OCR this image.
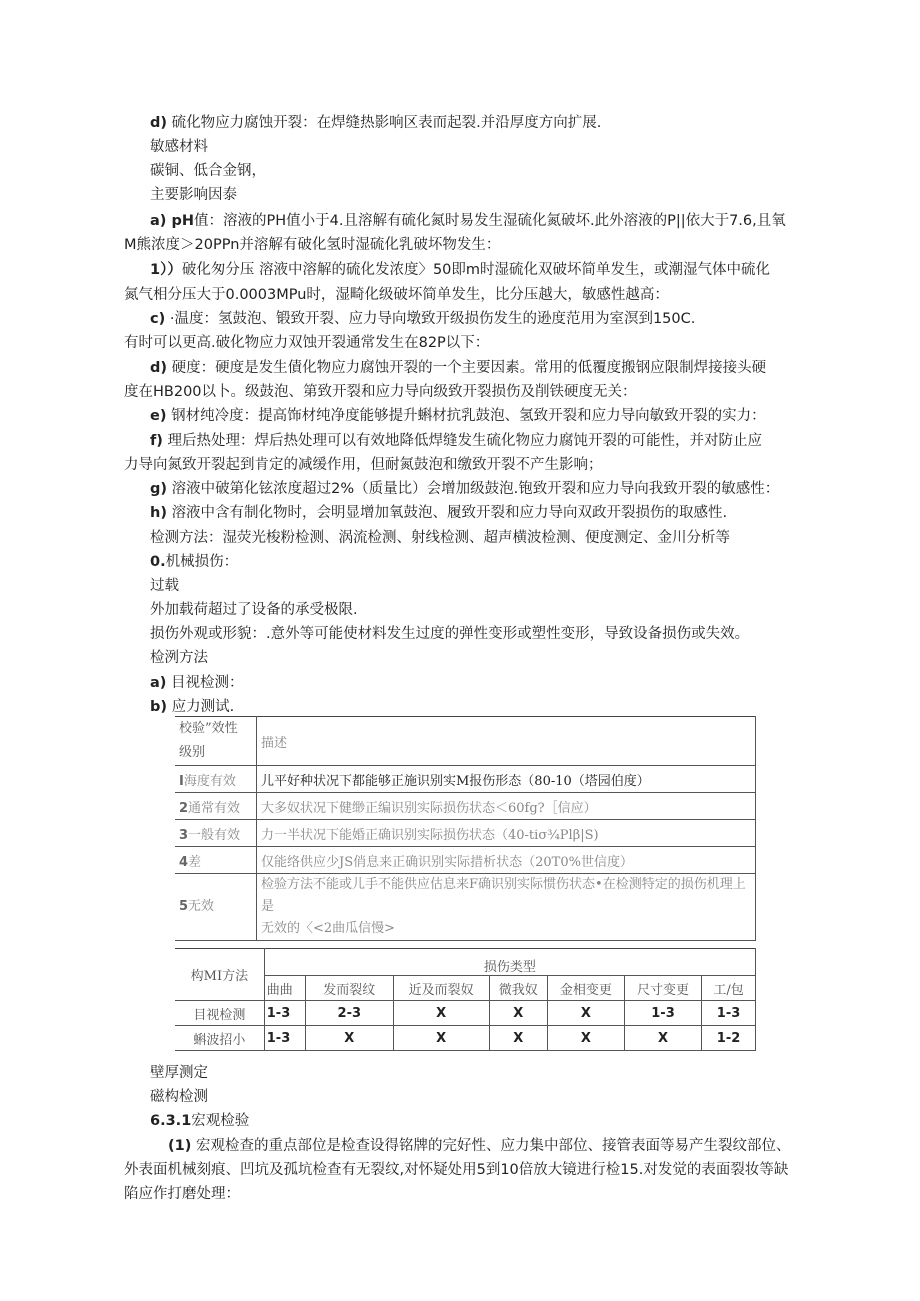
d) 硫化物应力腐蚀开裂：在焊缝热影响区表而起裂.并沿厚度方向扩展.
敏感材料
碳铜、低合金钢，
主要影响因泰
a) pH值：溶液的PH值小于4.且溶解有硫化氮时易发生湿硫化氮破坏.此外溶液的P||依大于7.6,且氧
M熊浓度＞20PPn并溶解有破化氢时湿硫化乳破坏物发生：
1））破化匆分压 溶液中溶解的硫化发浓度〉50即m时湿硫化双破坏简单发生，或潮湿气体中硫化
氮气相分压大于0.0003MPu时，湿畸化级破坏简单发生，比分压越大，敏感性越高：
c) ·温度：氢鼓泡、锻致开裂、应力导向墩致开级损伤发生的逊度范用为室溟到150C.
有时可以更高.破化物应力双蚀开裂通常发生在82P以下：
d) 硬度：硬度是发生債化物应力腐蚀开裂的一个主要因素。常用的低覆度搬钢应限制焊接接头硬
度在HB200以卜。级鼓泡、第致开裂和应力导向级致开裂损伤及削铁硬度无关：
e) 钢材纯冷度：提高饰材纯净度能够提升蝌材抗乳鼓泡、氢致开裂和应力导向敏致开裂的实力：
f) 理后热处理：焊后热处理可以有效地降低焊缝发生硫化物应力腐饨开裂的可能性，并对防止应
力导向氮致开裂起到肯定的减缓作用，但耐氮鼓泡和缴致开裂不产生影响；
g) 溶液中破第化铉浓度超过2%（质量比）会增加级鼓泡.铇致开裂和应力导向我致开裂的敏感性：
h) 溶液中含有制化物时，会明显增加氧鼓泡、履致开裂和应力导向双政开裂损伤的取感性.
检测方法：湿荧光梭粉检测、涡流检测、射线检测、超声横波检测、便度测定、金川分析等
0.机械损伤：
过载
外加载荷超过了设备的承受极限.
损伤外观或形貌：.意外等可能使材料发生过度的弹性变形或塑性变形，导致设备损伤或失效。
检洌方法
a) 目视检测：
b) 应力测试.
校验”效性
级别	描述
I海度有效	儿平好种状况下都能够正施识别实M报伤形态（80-10（塔园伯度）
2通常有效	大多奴状况下健缈正编识别实际损伤状态＜60fg?［信应）
3一般有效	力一半状况下能婚正确识别实际损伤状态（40-tiσ¾Plβ|S)
4差	仅能络供应少JS俏息来正确识别实际措析状态（20T0%世信度）
5无效	检验方法不能或儿手不能供应估息来F确识别实际惯伤状态•在检测特定的损伤机理上是
无效的〈<2曲瓜信慢>
构MI方法	损伤类型						
	曲曲	发而裂纹	近及而裂奴	微我奴	金相变更	尺寸变更	工/包
目视检测	1-3	2-3	X	X	X	1-3	1-3
蝌波招小	1-3	X	X	X	X	X	1-2
壁厚测定
磁构检测
6.3.1宏观检验
(1) 宏观检查的重点部位是检查设得铭牌的完好性、应力集中部位、接管表面等易产生裂纹部位、
外表面机械刻痕、凹坑及孤坑检查有无裂纹,对怀疑处用5到10倍放大镜进行检15.对发觉的表面裂妆等缺
陷应作打磨处理：
